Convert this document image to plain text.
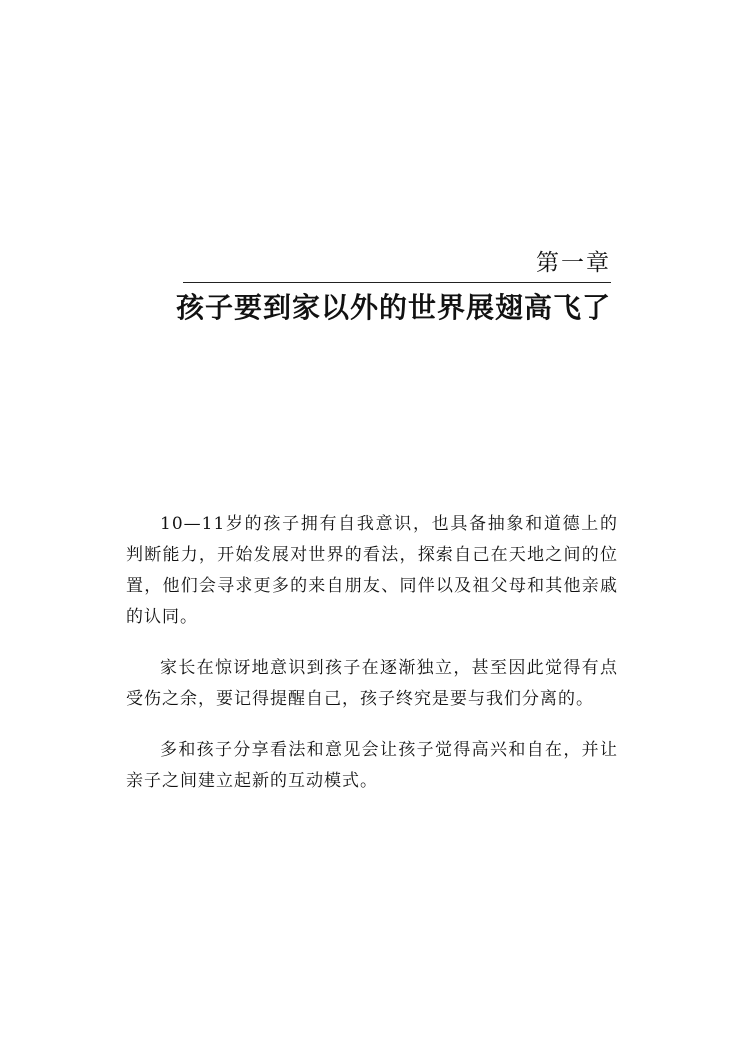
第一章
孩子要到家以外的世界展翅高飞了

10—11岁的孩子拥有自我意识，也具备抽象和道德上的判断能力，开始发展对世界的看法，探索自己在天地之间的位置，他们会寻求更多的来自朋友、同伴以及祖父母和其他亲戚的认同。

家长在惊讶地意识到孩子在逐渐独立，甚至因此觉得有点受伤之余，要记得提醒自己，孩子终究是要与我们分离的。

多和孩子分享看法和意见会让孩子觉得高兴和自在，并让亲子之间建立起新的互动模式。
